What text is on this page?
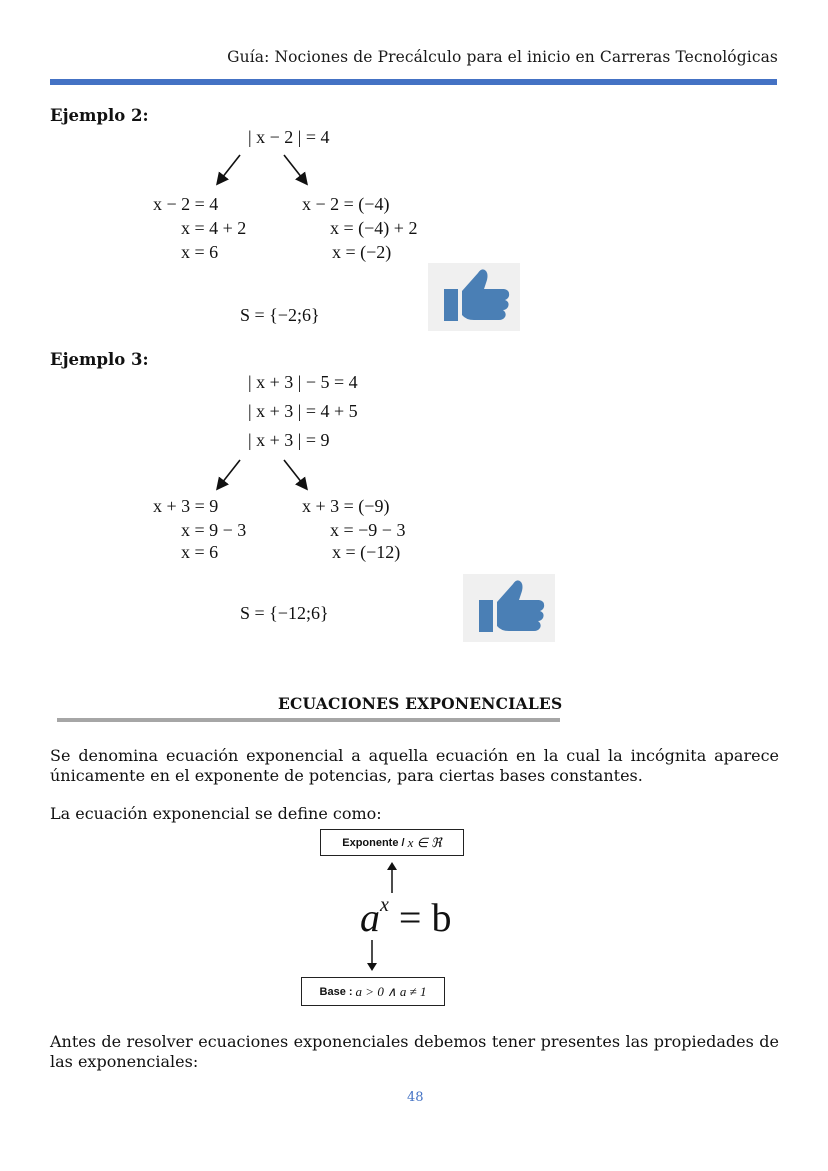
Guía: Nociones de Precálculo para el inicio en Carreras Tecnológicas
Ejemplo 2:
| x − 2 | = 4
x − 2 = 4
x = 4 + 2
x = 6
x − 2 = (−4)
x = (−4) + 2
x = (−2)
S = {−2;6}
Ejemplo 3:
| x + 3 | − 5 = 4
| x + 3 | = 4 + 5
| x + 3 | = 9
x + 3 = 9
x = 9 − 3
x = 6
x + 3 = (−9)
x = −9 − 3
x = (−12)
S = {−12;6}
ECUACIONES EXPONENCIALES
Se denomina ecuación exponencial a aquella ecuación en la cual la incógnita aparece únicamente en el exponente de potencias, para ciertas bases constantes.
La ecuación exponencial se define como:
Exponente / x ∈ ℜ
$a^x = b$
Base : a > 0 ∧ a ≠ 1
Antes de resolver ecuaciones exponenciales debemos tener presentes las propiedades de las exponenciales:
48
